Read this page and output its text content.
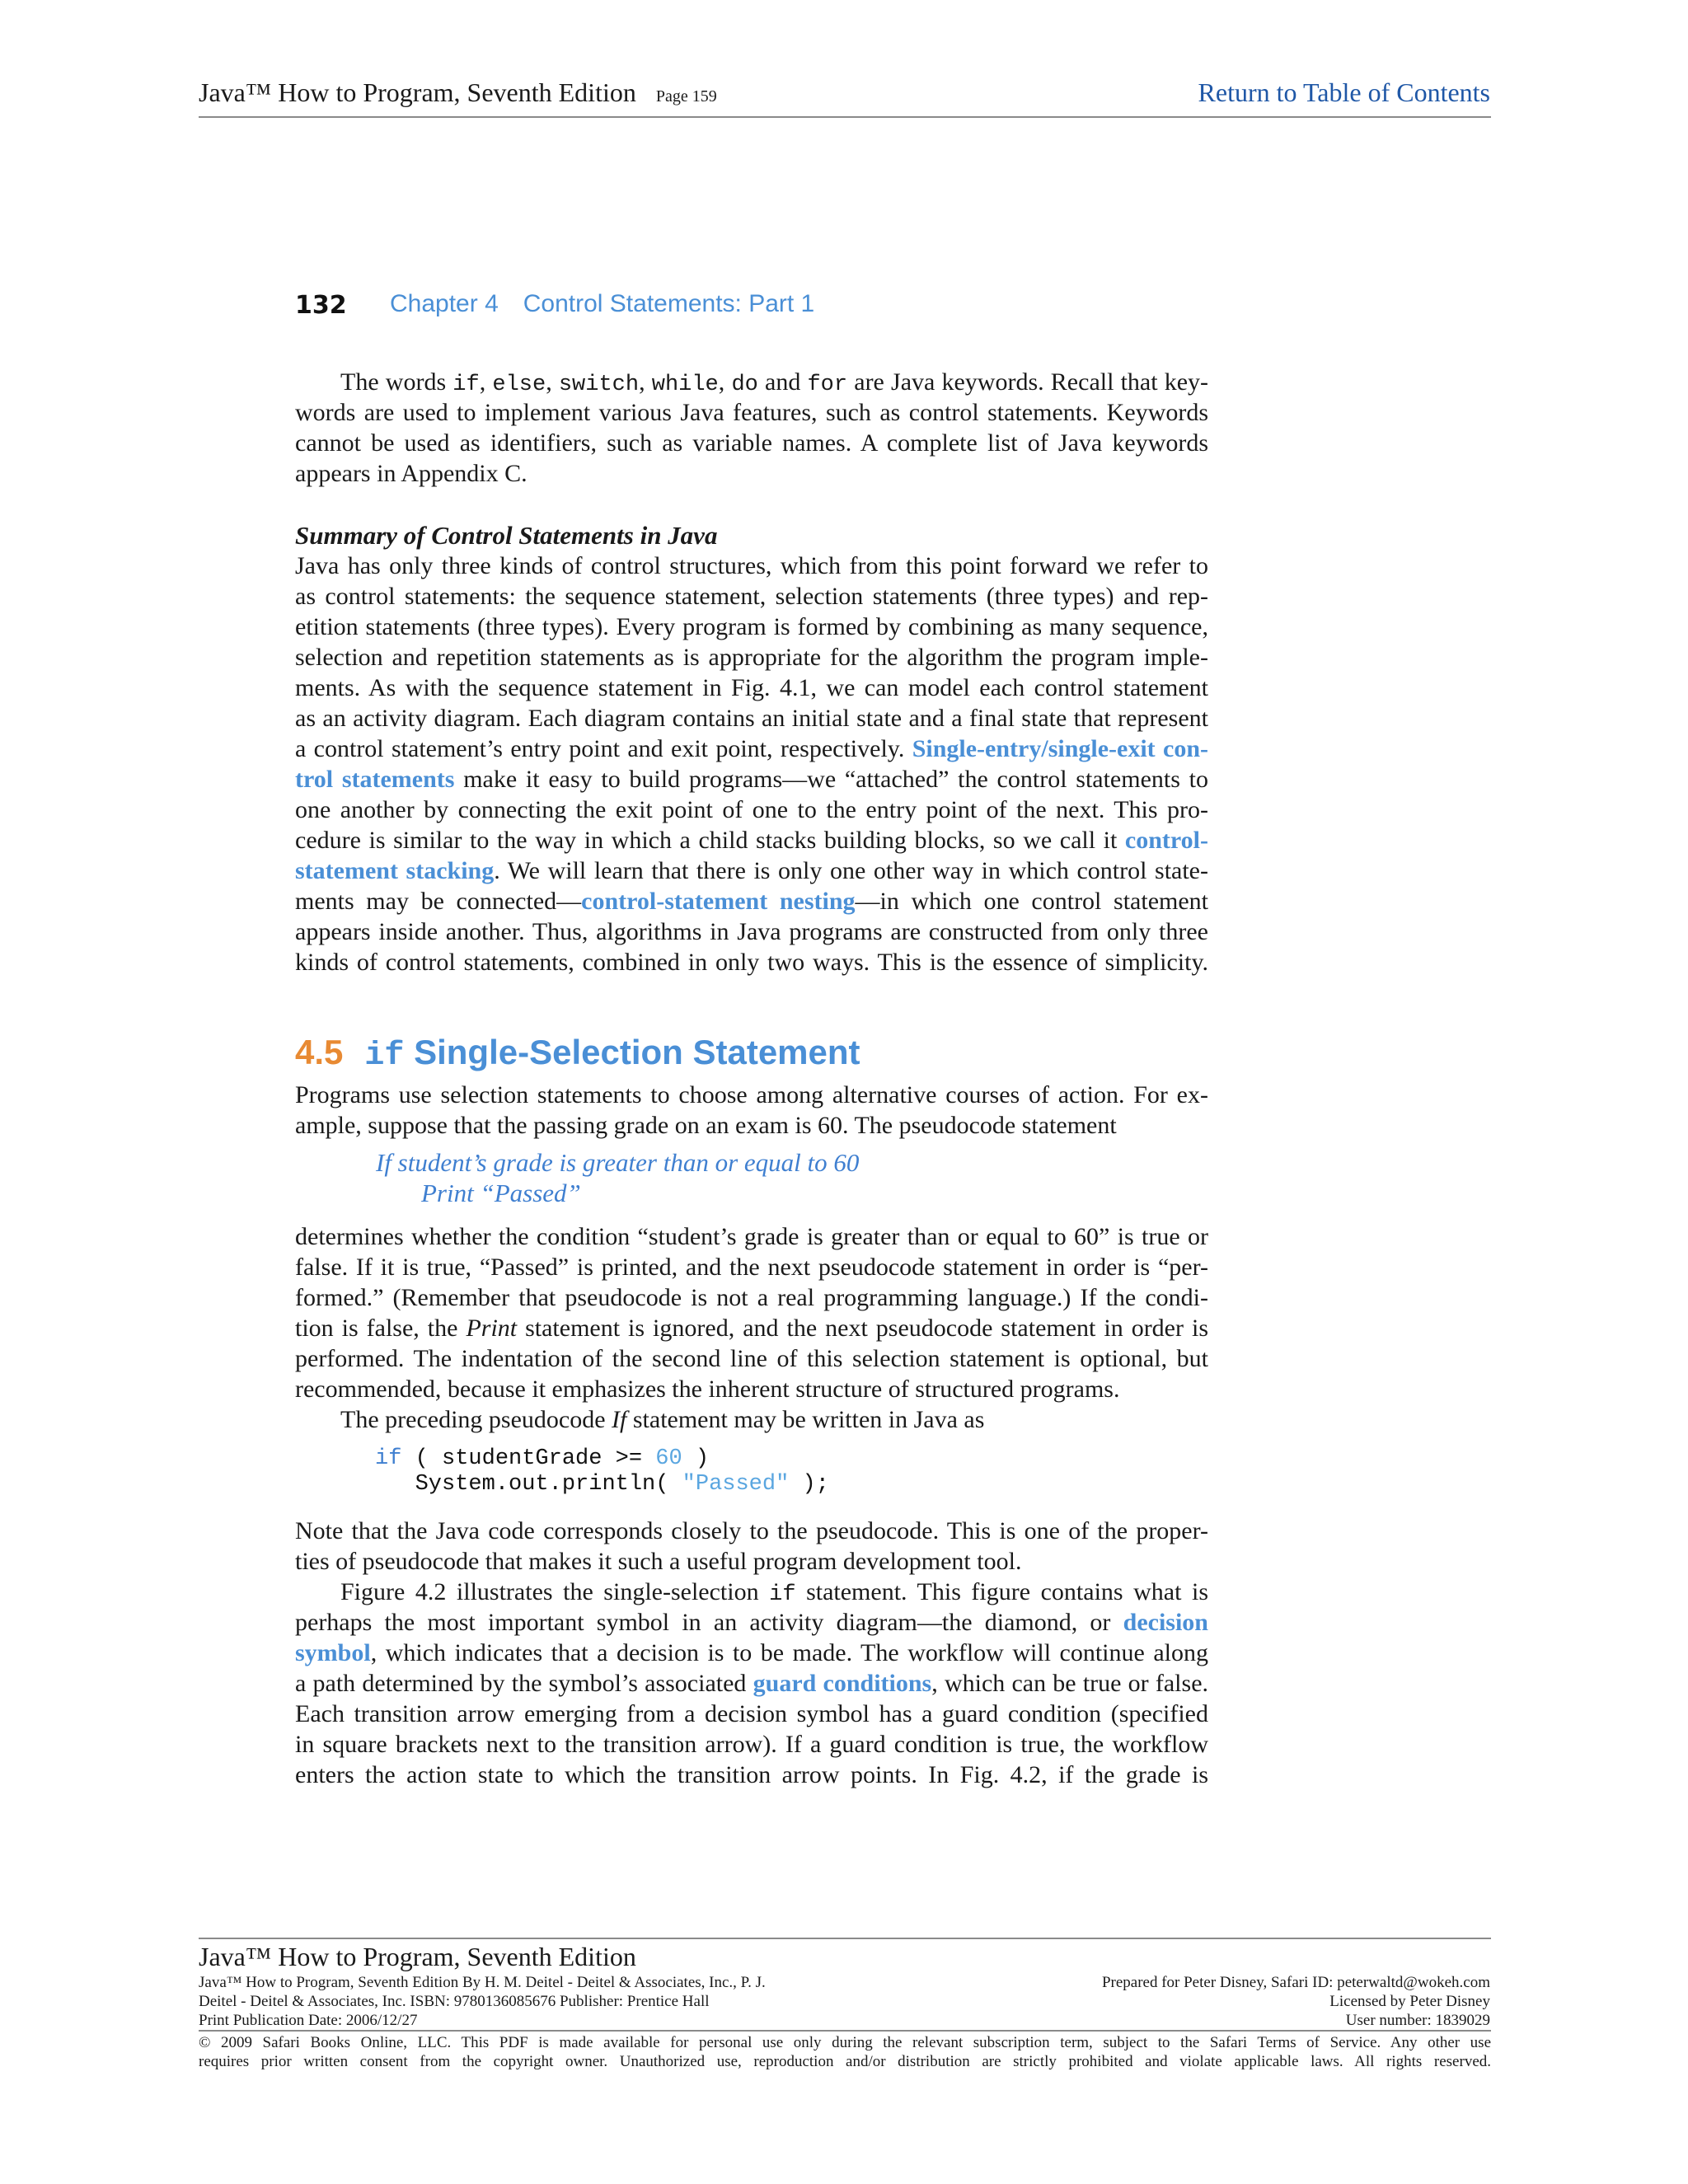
Java™ How to Program, Seventh Edition Page 159	Return to Table of Contents
132 Chapter 4 Control Statements: Part 1
The words if, else, switch, while, do and for are Java keywords. Recall that key-
words are used to implement various Java features, such as control statements. Keywords
cannot be used as identifiers, such as variable names. A complete list of Java keywords
appears in Appendix C.
Summary of Control Statements in Java
Java has only three kinds of control structures, which from this point forward we refer to
as control statements: the sequence statement, selection statements (three types) and rep-
etition statements (three types). Every program is formed by combining as many sequence,
selection and repetition statements as is appropriate for the algorithm the program imple-
ments. As with the sequence statement in Fig. 4.1, we can model each control statement
as an activity diagram. Each diagram contains an initial state and a final state that represent
a control statement’s entry point and exit point, respectively. Single-entry/single-exit con-
trol statements make it easy to build programs—we “attached” the control statements to
one another by connecting the exit point of one to the entry point of the next. This pro-
cedure is similar to the way in which a child stacks building blocks, so we call it control-
statement stacking. We will learn that there is only one other way in which control state-
ments may be connected—control-statement nesting—in which one control statement
appears inside another. Thus, algorithms in Java programs are constructed from only three
kinds of control statements, combined in only two ways. This is the essence of simplicity.
4.5 if Single-Selection Statement
Programs use selection statements to choose among alternative courses of action. For ex-
ample, suppose that the passing grade on an exam is 60. The pseudocode statement
If student’s grade is greater than or equal to 60
Print “Passed”
determines whether the condition “student’s grade is greater than or equal to 60” is true or
false. If it is true, “Passed” is printed, and the next pseudocode statement in order is “per-
formed.” (Remember that pseudocode is not a real programming language.) If the condi-
tion is false, the Print statement is ignored, and the next pseudocode statement in order is
performed. The indentation of the second line of this selection statement is optional, but
recommended, because it emphasizes the inherent structure of structured programs.
The preceding pseudocode If statement may be written in Java as
if ( studentGrade >= 60 )
System.out.println( "Passed" );
Note that the Java code corresponds closely to the pseudocode. This is one of the proper-
ties of pseudocode that makes it such a useful program development tool.
Figure 4.2 illustrates the single-selection if statement. This figure contains what is
perhaps the most important symbol in an activity diagram—the diamond, or decision
symbol, which indicates that a decision is to be made. The workflow will continue along
a path determined by the symbol’s associated guard conditions, which can be true or false.
Each transition arrow emerging from a decision symbol has a guard condition (specified
in square brackets next to the transition arrow). If a guard condition is true, the workflow
enters the action state to which the transition arrow points. In Fig. 4.2, if the grade is
Java™ How to Program, Seventh Edition
Java™ How to Program, Seventh Edition By H. M. Deitel - Deitel & Associates, Inc., P. J.
Deitel - Deitel & Associates, Inc. ISBN: 9780136085676 Publisher: Prentice Hall
Print Publication Date: 2006/12/27
Prepared for Peter Disney, Safari ID: peterwaltd@wokeh.com
Licensed by Peter Disney
User number: 1839029
© 2009 Safari Books Online, LLC. This PDF is made available for personal use only during the relevant subscription term, subject to the Safari Terms of Service. Any other use
requires prior written consent from the copyright owner. Unauthorized use, reproduction and/or distribution are strictly prohibited and violate applicable laws. All rights reserved.
